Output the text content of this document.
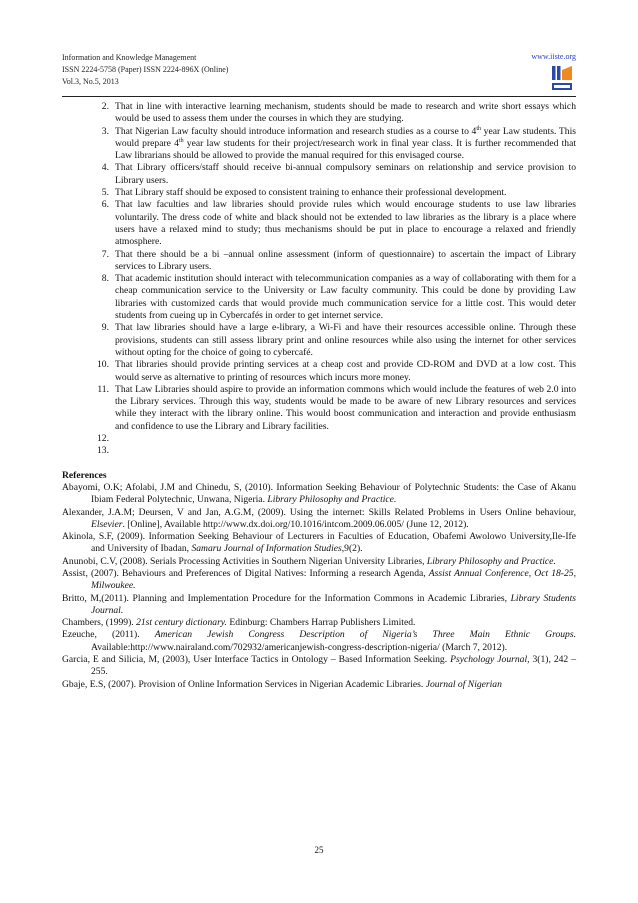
Information and Knowledge Management

ISSN 2224-5758 (Paper) ISSN 2224-896X (Online)

Vol.3, No.5, 2013

www.iiste.org
2. That in line with interactive learning mechanism, students should be made to research and write short essays which would be used to assess them under the courses in which they are studying.
3. That Nigerian Law faculty should introduce information and research studies as a course to 4th year Law students. This would prepare 4th year law students for their project/research work in final year class. It is further recommended that Law librarians should be allowed to provide the manual required for this envisaged course.
4. That Library officers/staff should receive bi-annual compulsory seminars on relationship and service provision to Library users.
5. That Library staff should be exposed to consistent training to enhance their professional development.
6. That law faculties and law libraries should provide rules which would encourage students to use law libraries voluntarily. The dress code of white and black should not be extended to law libraries as the library is a place where users have a relaxed mind to study; thus mechanisms should be put in place to encourage a relaxed and friendly atmosphere.
7. That there should be a bi –annual online assessment (inform of questionnaire) to ascertain the impact of Library services to Library users.
8. That academic institution should interact with telecommunication companies as a way of collaborating with them for a cheap communication service to the University or Law faculty community. This could be done by providing Law libraries with customized cards that would provide much communication service for a little cost. This would deter students from cueing up in Cybercafés in order to get internet service.
9. That law libraries should have a large e-library, a Wi-Fi and have their resources accessible online. Through these provisions, students can still assess library print and online resources while also using the internet for other services without opting for the choice of going to cybercafé.
10. That libraries should provide printing services at a cheap cost and provide CD-ROM and DVD at a low cost. This would serve as alternative to printing of resources which incurs more money.
11. That Law Libraries should aspire to provide an information commons which would include the features of web 2.0 into the Library services. Through this way, students would be made to be aware of new Library resources and services while they interact with the library online. This would boost communication and interaction and provide enthusiasm and confidence to use the Library and Library facilities.
12.
13.
References
Abayomi, O.K; Afolabi, J.M and Chinedu, S, (2010). Information Seeking Behaviour of Polytechnic Students: the Case of Akanu Ibiam Federal Polytechnic, Unwana, Nigeria. Library Philosophy and Practice.
Alexander, J.A.M; Deursen, V and Jan, A.G.M, (2009). Using the internet: Skills Related Problems in Users Online behaviour, Elsevier. [Online], Available http://www.dx.doi.org/10.1016/intcom.2009.06.005/ (June 12, 2012).
Akinola, S.F, (2009). Information Seeking Behaviour of Lecturers in Faculties of Education, Obafemi Awolowo University,Ile-Ife and University of Ibadan, Samaru Journal of Information Studies,9(2).
Anunobi, C.V, (2008). Serials Processing Activities in Southern Nigerian University Libraries, Library Philosophy and Practice.
Assist, (2007). Behaviours and Preferences of Digital Natives: Informing a research Agenda, Assist Annual Conference, Oct 18-25, Milwoukee.
Britto, M,(2011). Planning and Implementation Procedure for the Information Commons in Academic Libraries, Library Students Journal.
Chambers, (1999). 21st century dictionary. Edinburg: Chambers Harrap Publishers Limited.
Ezeuche, (2011). American Jewish Congress Description of Nigeria’s Three Main Ethnic Groups. Available:http://www.nairaland.com/702932/americanjewish-congress-description-nigeria/ (March 7, 2012).
Garcia, E and Silicia, M, (2003), User Interface Tactics in Ontology – Based Information Seeking. Psychology Journal, 3(1), 242 – 255.
Gbaje, E.S, (2007). Provision of Online Information Services in Nigerian Academic Libraries. Journal of Nigerian
25
